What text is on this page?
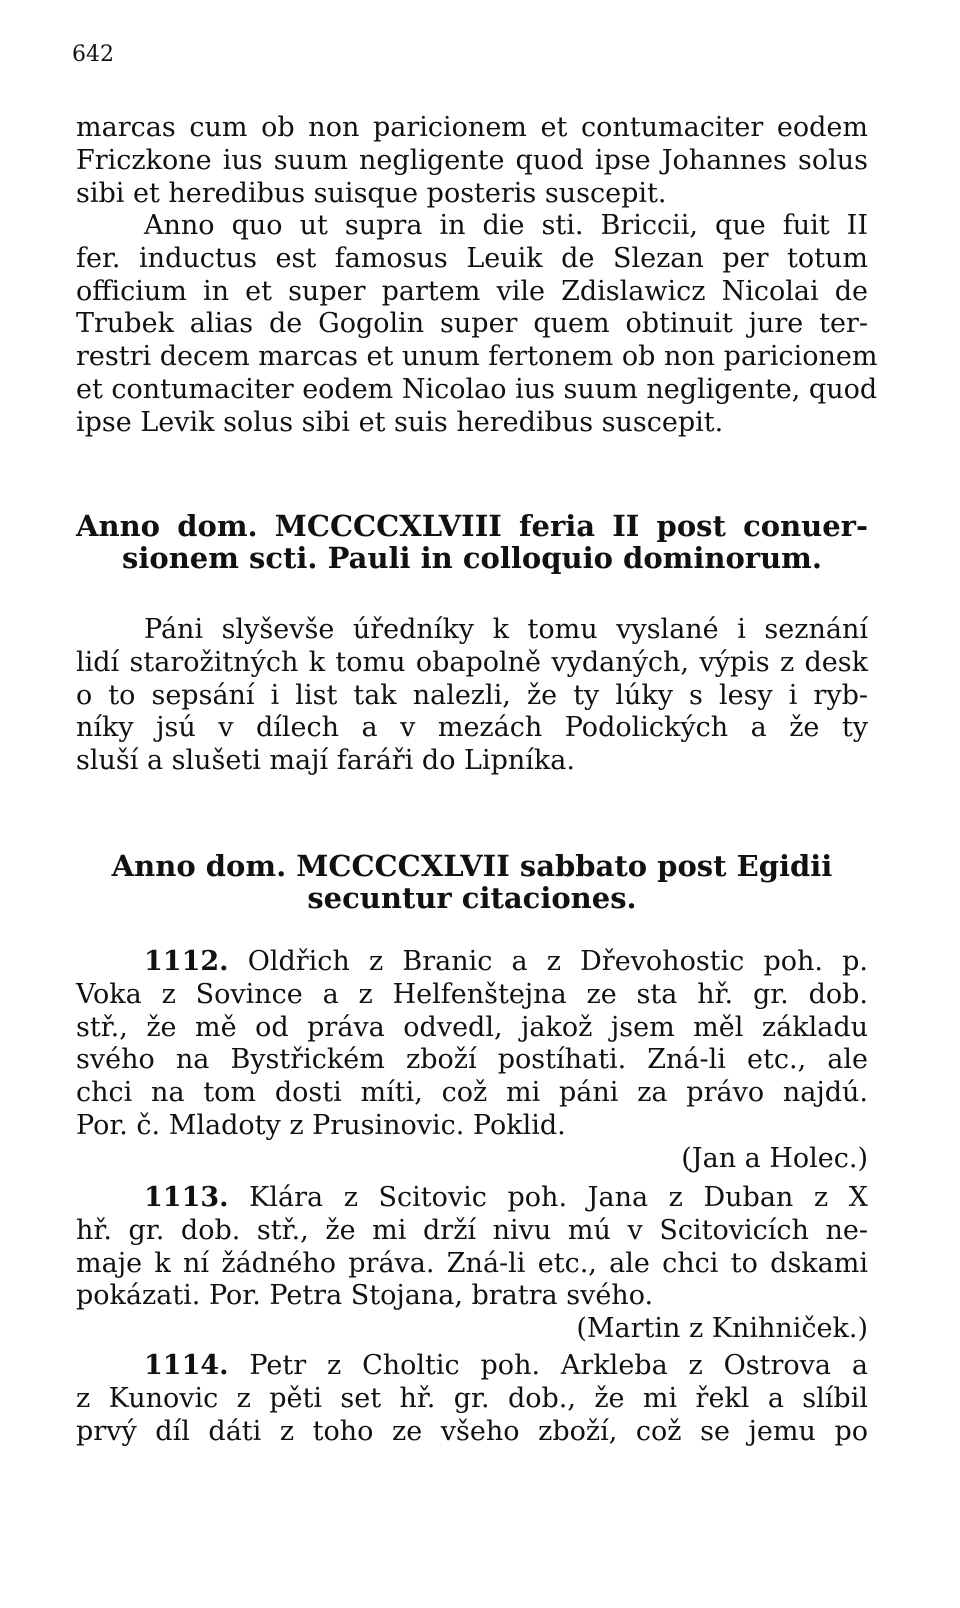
642
marcas cum ob non paricionem et contumaciter eodem
Friczkone ius suum negligente quod ipse Johannes solus
sibi et heredibus suisque posteris suscepit.
Anno quo ut supra in die sti. Briccii, que fuit II
fer. inductus est famosus Leuik de Slezan per totum
officium in et super partem vile Zdislawicz Nicolai de
Trubek alias de Gogolin super quem obtinuit jure ter-
restri decem marcas et unum fertonem ob non paricionem
et contumaciter eodem Nicolao ius suum negligente, quod
ipse Levik solus sibi et suis heredibus suscepit.
Anno dom. MCCCCXLVIII feria II post conuer-
sionem scti. Pauli in colloquio dominorum.
Páni slyševše úředníky k tomu vyslané i seznání
lidí starožitných k tomu obapolně vydaných, výpis z desk
o to sepsání i list tak nalezli, že ty lúky s lesy i ryb-
níky jsú v dílech a v mezách Podolických a že ty
sluší a slušeti mají faráři do Lipníka.
Anno dom. MCCCCXLVII sabbato post Egidii
secuntur citaciones.
1112. Oldřich z Branic a z Dřevohostic poh. p.
Voka z Sovince a z Helfenštejna ze sta hř. gr. dob.
stř., že mě od práva odvedl, jakož jsem měl základu
svého na Bystřickém zboží postíhati. Zná-li etc., ale
chci na tom dosti míti, což mi páni za právo najdú.
Por. č. Mladoty z Prusinovic. Poklid.
(Jan a Holec.)
1113. Klára z Scitovic poh. Jana z Duban z X
hř. gr. dob. stř., že mi drží nivu mú v Scitovicích ne-
maje k ní žádného práva. Zná-li etc., ale chci to dskami
pokázati. Por. Petra Stojana, bratra svého.
(Martin z Knihniček.)
1114. Petr z Choltic poh. Arkleba z Ostrova a
z Kunovic z pěti set hř. gr. dob., že mi řekl a slíbil
prvý díl dáti z toho ze všeho zboží, což se jemu po
